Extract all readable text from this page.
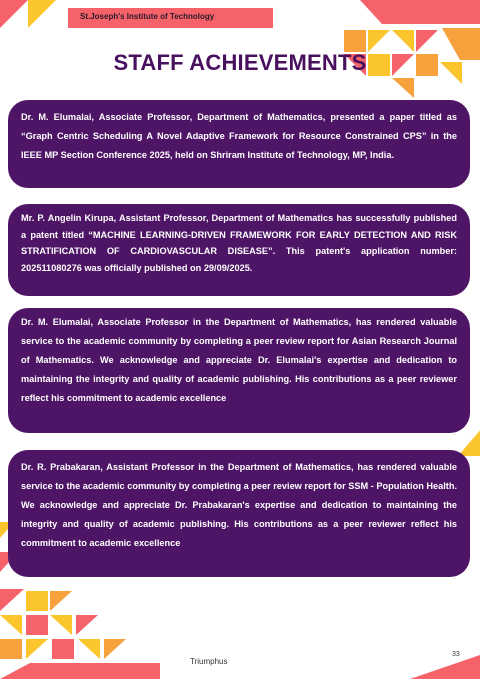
St.Joseph's Institute of Technology
STAFF ACHIEVEMENTS

Dr. M. Elumalai, Associate Professor, Department of Mathematics, presented a paper titled as “Graph Centric Scheduling A Novel Adaptive Framework for Resource Constrained CPS” in the IEEE MP Section Conference 2025, held on Shriram Institute of Technology, MP, India.

Mr. P. Angelin Kirupa, Assistant Professor, Department of Mathematics has successfully published a patent titled “MACHINE LEARNING-DRIVEN FRAMEWORK FOR EARLY DETECTION AND RISK STRATIFICATION OF CARDIOVASCULAR DISEASE”. This patent's application number: 202511080276 was officially published on 29/09/2025.

Dr. M. Elumalai, Associate Professor in the Department of Mathematics, has rendered valuable service to the academic community by completing a peer review report for Asian Research Journal of Mathematics. We acknowledge and appreciate Dr. Elumalai's expertise and dedication to maintaining the integrity and quality of academic publishing. His contributions as a peer reviewer reflect his commitment to academic excellence

Dr. R. Prabakaran, Assistant Professor in the Department of Mathematics, has rendered valuable service to the academic community by completing a peer review report for SSM - Population Health. We acknowledge and appreciate Dr. Prabakaran's expertise and dedication to maintaining the integrity and quality of academic publishing. His contributions as a peer reviewer reflect his commitment to academic excellence

Triumphus
33
